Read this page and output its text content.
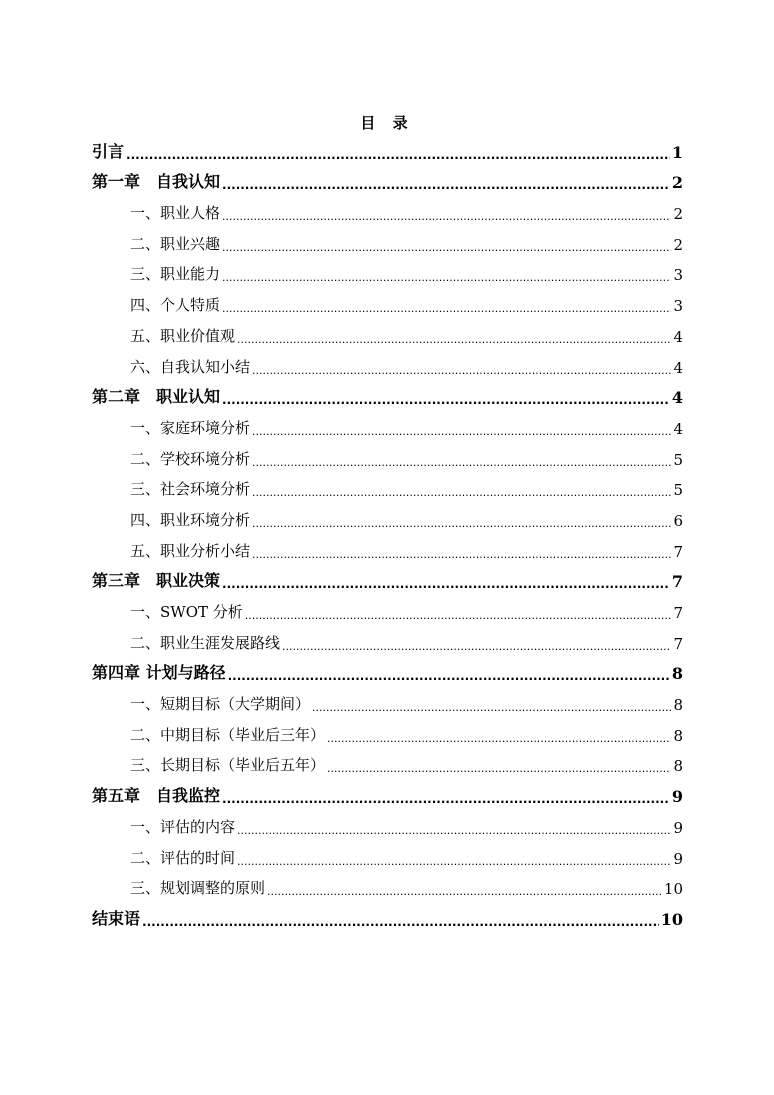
目 录
引言 .....	1
第一章　自我认知 .....	2
一、职业人格 .....	2
二、职业兴趣 .....	2
三、职业能力 .....	3
四、个人特质 .....	3
五、职业价值观 .....	4
六、自我认知小结 .....	4
第二章　职业认知 .....	4
一、家庭环境分析 .....	4
二、学校环境分析 .....	5
三、社会环境分析 .....	5
四、职业环境分析 .....	6
五、职业分析小结 .....	7
第三章　职业决策 .....	7
一、SWOT 分析 .....	7
二、职业生涯发展路线 .....	7
第四章 计划与路径 .....	8
一、短期目标（大学期间） .....	8
二、中期目标（毕业后三年） .....	8
三、长期目标（毕业后五年） .....	8
第五章　自我监控 .....	9
一、评估的内容 .....	9
二、评估的时间 .....	9
三、规划调整的原则 .....	10
结束语 .....	10
